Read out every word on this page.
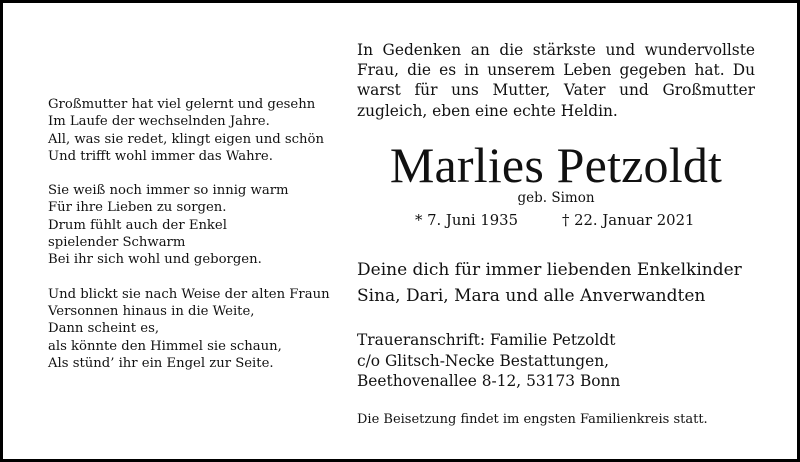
Großmutter hat viel gelernt und gesehn
Im Laufe der wechselnden Jahre.
All, was sie redet, klingt eigen und schön
Und trifft wohl immer das Wahre.
Sie weiß noch immer so innig warm
Für ihre Lieben zu sorgen.
Drum fühlt auch der Enkel
spielender Schwarm
Bei ihr sich wohl und geborgen.
Und blickt sie nach Weise der alten Fraun
Versonnen hinaus in die Weite,
Dann scheint es,
als könnte den Himmel sie schaun,
Als stünd’ ihr ein Engel zur Seite.
In Gedenken an die stärkste und wundervollste Frau, die es in unserem Leben gegeben hat. Du warst für uns Mutter, Vater und Großmutter zugleich, eben eine echte Heldin.
Marlies Petzoldt
geb. Simon
* 7. Juni 1935	† 22. Januar 2021
Deine dich für immer liebenden Enkelkinder
Sina, Dari, Mara und alle Anverwandten
Traueranschrift: Familie Petzoldt
c/o Glitsch-Necke Bestattungen,
Beethovenallee 8-12, 53173 Bonn
Die Beisetzung findet im engsten Familienkreis statt.
